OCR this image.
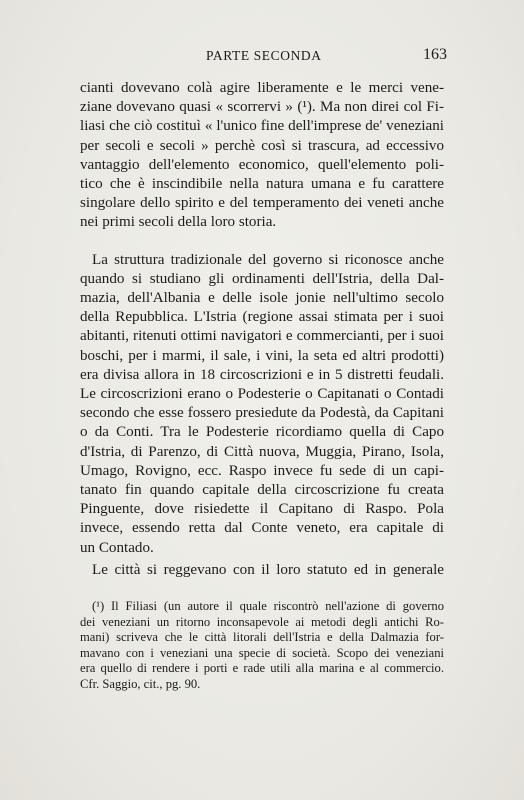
PARTE SECONDA	163

cianti dovevano colà agire liberamente e le merci vene-
ziane dovevano quasi « scorrervi » (¹). Ma non direi col Fi-
liasi che ciò costituì « l'unico fine dell'imprese de' veneziani
per secoli e secoli » perchè così si trascura, ad eccessivo
vantaggio dell'elemento economico, quell'elemento poli-
tico che è inscindibile nella natura umana e fu carattere
singolare dello spirito e del temperamento dei veneti anche
nei primi secoli della loro storia.

La struttura tradizionale del governo si riconosce anche
quando si studiano gli ordinamenti dell'Istria, della Dal-
mazia, dell'Albania e delle isole jonie nell'ultimo secolo
della Repubblica. L'Istria (regione assai stimata per i suoi
abitanti, ritenuti ottimi navigatori e commercianti, per i suoi
boschi, per i marmi, il sale, i vini, la seta ed altri prodotti)
era divisa allora in 18 circoscrizioni e in 5 distretti feudali.
Le circoscrizioni erano o Podesterie o Capitanati o Contadi
secondo che esse fossero presiedute da Podestà, da Capitani
o da Conti. Tra le Podesterie ricordiamo quella di Capo
d'Istria, di Parenzo, di Città nuova, Muggia, Pirano, Isola,
Umago, Rovigno, ecc. Raspo invece fu sede di un capi-
tanato fin quando capitale della circoscrizione fu creata
Pinguente, dove risiedette il Capitano di Raspo. Pola
invece, essendo retta dal Conte veneto, era capitale di
un Contado.

Le città si reggevano con il loro statuto ed in generale

(¹) Il Filiasi (un autore il quale riscontrò nell'azione di governo
dei veneziani un ritorno inconsapevole ai metodi degli antichi Ro-
mani) scriveva che le città litorali dell'Istria e della Dalmazia for-
mavano con i veneziani una specie di società. Scopo dei veneziani
era quello di rendere i porti e rade utili alla marina e al commercio.
Cfr. Saggio, cit., pg. 90.
